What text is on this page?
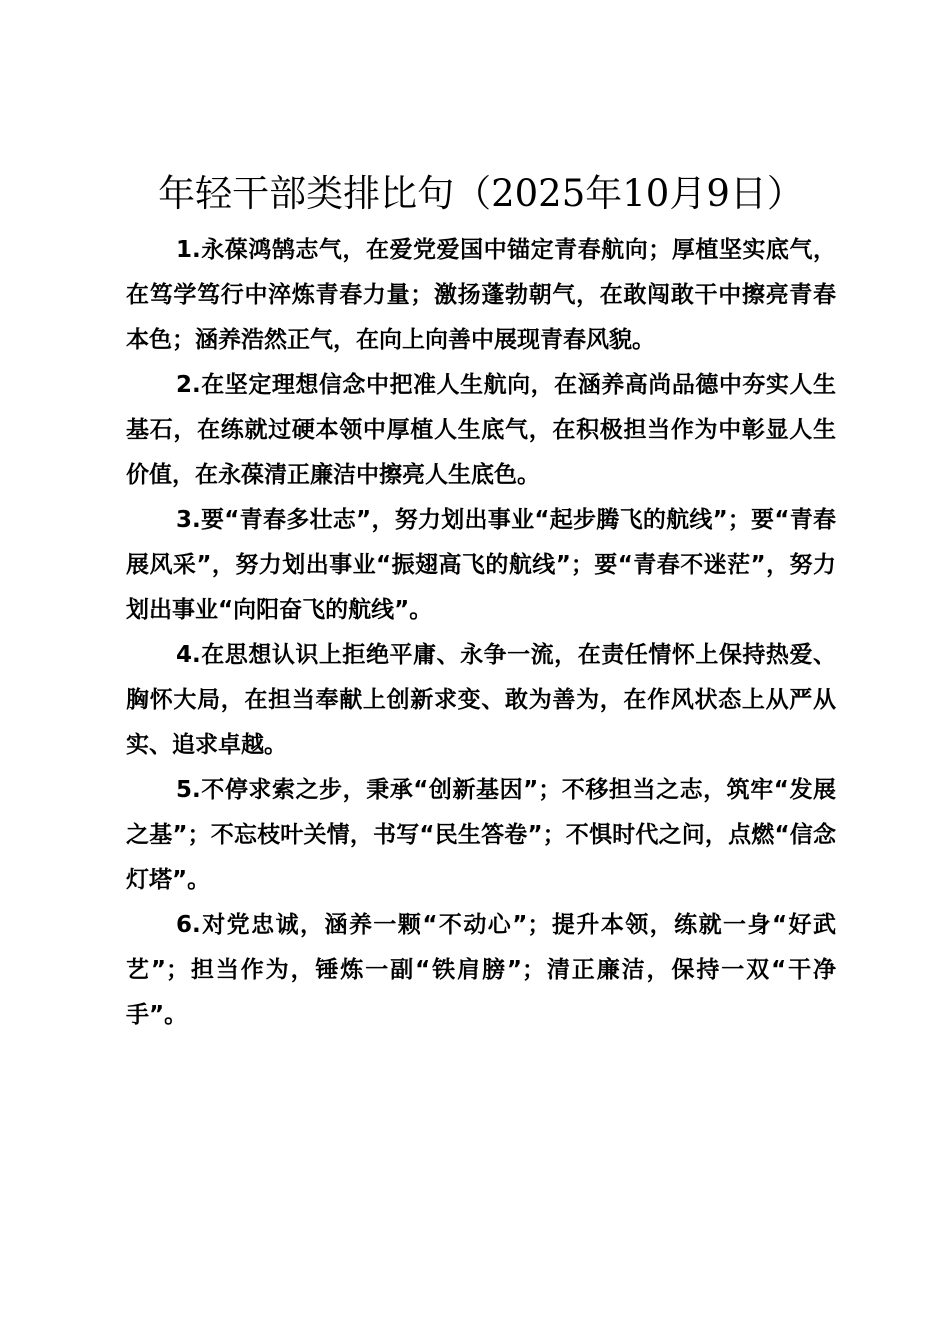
年轻干部类排比句（2025年10月9日）

1.永葆鸿鹄志气，在爱党爱国中锚定青春航向；厚植坚实底气，在笃学笃行中淬炼青春力量；激扬蓬勃朝气，在敢闯敢干中擦亮青春本色；涵养浩然正气，在向上向善中展现青春风貌。

2.在坚定理想信念中把准人生航向，在涵养高尚品德中夯实人生基石，在练就过硬本领中厚植人生底气，在积极担当作为中彰显人生价值，在永葆清正廉洁中擦亮人生底色。

3.要“青春多壮志”，努力划出事业“起步腾飞的航线”；要“青春展风采”，努力划出事业“振翅高飞的航线”；要“青春不迷茫”，努力划出事业“向阳奋飞的航线”。

4.在思想认识上拒绝平庸、永争一流，在责任情怀上保持热爱、胸怀大局，在担当奉献上创新求变、敢为善为，在作风状态上从严从实、追求卓越。

5.不停求索之步，秉承“创新基因”；不移担当之志，筑牢“发展之基”；不忘枝叶关情，书写“民生答卷”；不惧时代之问，点燃“信念灯塔”。

6.对党忠诚，涵养一颗“不动心”；提升本领，练就一身“好武艺”；担当作为，锤炼一副“铁肩膀”；清正廉洁，保持一双“干净手”。
